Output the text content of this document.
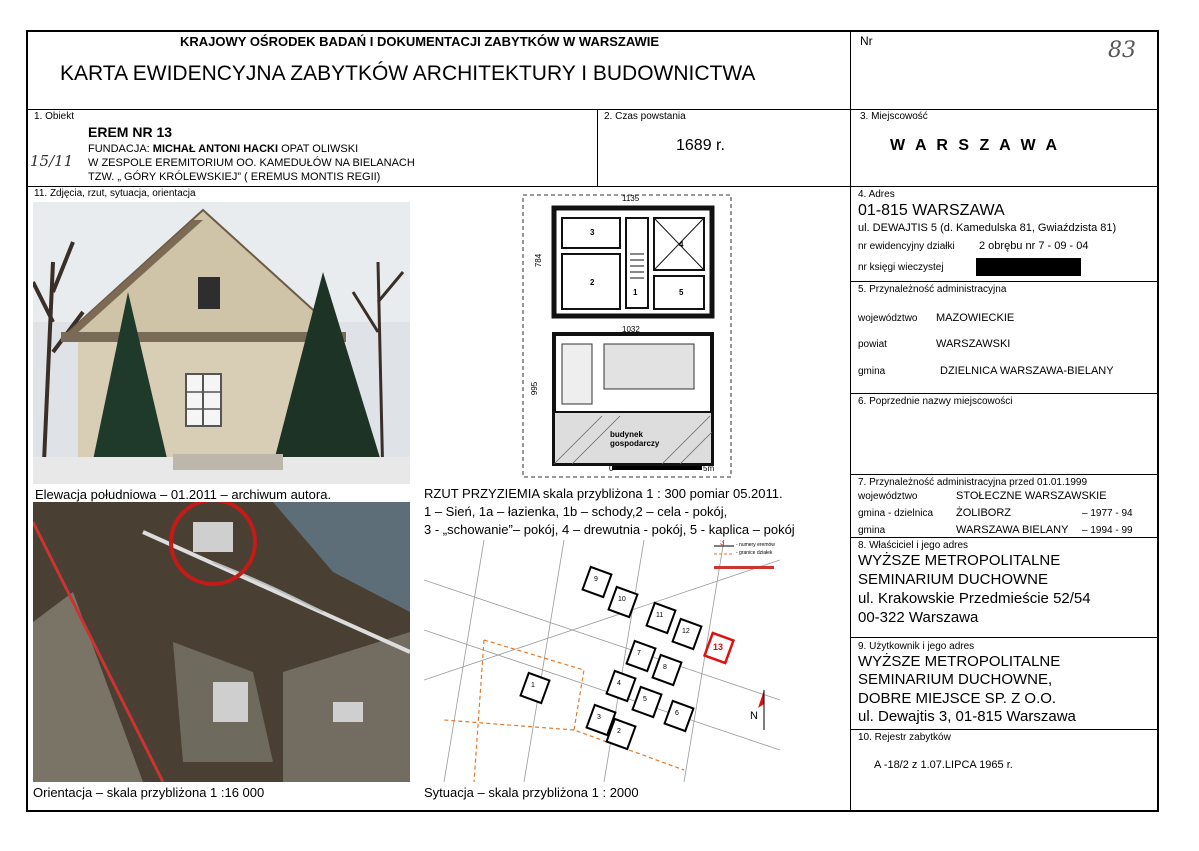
KRAJOWY OŚRODEK BADAŃ I DOKUMENTACJI ZABYTKÓW W WARSZAWIE
KARTA EWIDENCYJNA ZABYTKÓW ARCHITEKTURY I BUDOWNICTWA
Nr	83
1. Obiekt
EREM NR 13
FUNDACJA: MICHAŁ ANTONI HACKI OPAT OLIWSKI
W ZESPOLE EREMITORIUM OO. KAMEDUŁÓW NA BIELANACH
TZW. „ GÓRY KRÓLEWSKIEJ” ( EREMUS MONTIS REGII)
15/11
2. Czas powstania
1689 r.
3. Miejscowość
W A R S Z A W A
11. Zdjęcia, rzut, sytuacja, orientacja	4. Adres
01-815 WARSZAWA
ul. DEWAJTIS 5 (d. Kamedulska 81, Gwiaździsta 81)
nr ewidencyjny działki 2 obrębu nr 7 - 09 - 04
nr księgi wieczystej
5. Przynależność administracyjna
województwo MAZOWIECKIE
powiat	WARSZAWSKI
gmina	DZIELNICA WARSZAWA-BIELANY
6. Poprzednie nazwy miejscowości
7. Przynależność administracyjna przed 01.01.1999
województwo	STOŁECZNE WARSZAWSKIE
gmina - dzielnica ŻOLIBORZ	– 1977 - 94
gmina	WARSZAWA BIELANY – 1994 - 99
8. Właściciel i jego adres
WYŻSZE METROPOLITALNE
SEMINARIUM DUCHOWNE
ul. Krakowskie Przedmieście 52/54
00-322 Warszawa
9. Użytkownik i jego adres
WYŻSZE METROPOLITALNE
SEMINARIUM DUCHOWNE,
DOBRE MIEJSCE SP. Z O.O.
ul. Dewajtis 3, 01-815 Warszawa
10. Rejestr zabytków
A -18/2 z 1.07.LIPCA 1965 r.
Elewacja południowa – 01.2011 – archiwum autora.
1135
784
1032
995
3
2
1
4
5
budynek gospodarczy
0	5m
RZUT PRZYZIEMIA skala przybliżona 1 : 300 pomiar 05.2011.
1 – Sień, 1a – łazienka, 1b – schody,2 – cela - pokój,
3 - „schowanie”– pokój, 4 – drewutnia - pokój, 5 - kaplica – pokój
Orientacja – skala przybliżona 1 :16 000
3 - numery eremów
- granice działek
N
9
10
11
12
13
7
8
4
5
6
3
2
1
x
Sytuacja – skala przybliżona 1 : 2000
